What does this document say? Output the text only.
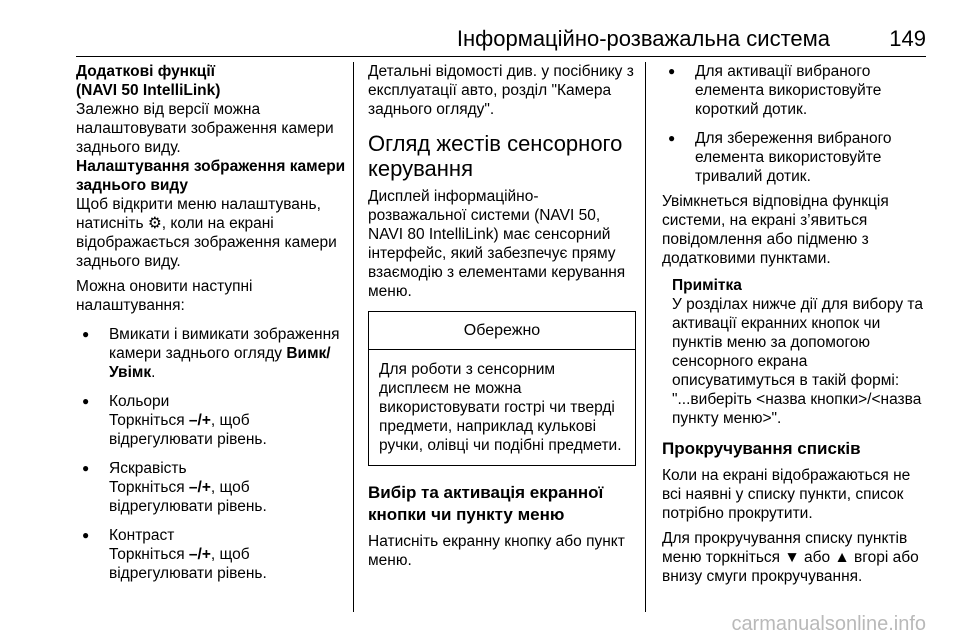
Інформаційно-розважальна система	149

Додаткові функції

(NAVI 50 IntelliLink)

Залежно від версії можна налаштовувати зображення камери заднього виду.

Налаштування зображення камери заднього виду

Щоб відкрити меню налаштувань, натисніть ⚙, коли на екрані відображається зображення камери заднього виду.

Можна оновити наступні налаштування:

● Вмикати і вимикати зображення камери заднього огляду Вимк/Увімк.
● Кольори
Торкніться –/+, щоб відрегулювати рівень.
● Яскравість
Торкніться –/+, щоб відрегулювати рівень.
● Контраст
Торкніться –/+, щоб відрегулювати рівень.

Детальні відомості див. у посібнику з експлуатації авто, розділ "Камера заднього огляду".

Огляд жестів сенсорного керування

Дисплей інформаційно-розважальної системи (NAVI 50, NAVI 80 IntelliLink) має сенсорний інтерфейс, який забезпечує пряму взаємодію з елементами керування меню.

Обережно
Для роботи з сенсорним дисплеєм не можна використовувати гострі чи тверді предмети, наприклад кулькові ручки, олівці чи подібні предмети.

Вибір та активація екранної кнопки чи пункту меню

Натисніть екранну кнопку або пункт меню.

● Для активації вибраного елемента використовуйте короткий дотик.
● Для збереження вибраного елемента використовуйте тривалий дотик.

Увімкнеться відповідна функція системи, на екрані з’явиться повідомлення або підменю з додатковими пунктами.

Примітка

У розділах нижче дії для вибору та активації екранних кнопок чи пунктів меню за допомогою сенсорного екрана описуватимуться в такій формі: "...виберіть <назва кнопки>/<назва пункту меню>".

Прокручування списків

Коли на екрані відображаються не всі наявні у списку пункти, список потрібно прокрутити.

Для прокручування списку пунктів меню торкніться ▼ або ▲ вгорі або внизу смуги прокручування.

carmanualsonline.info
